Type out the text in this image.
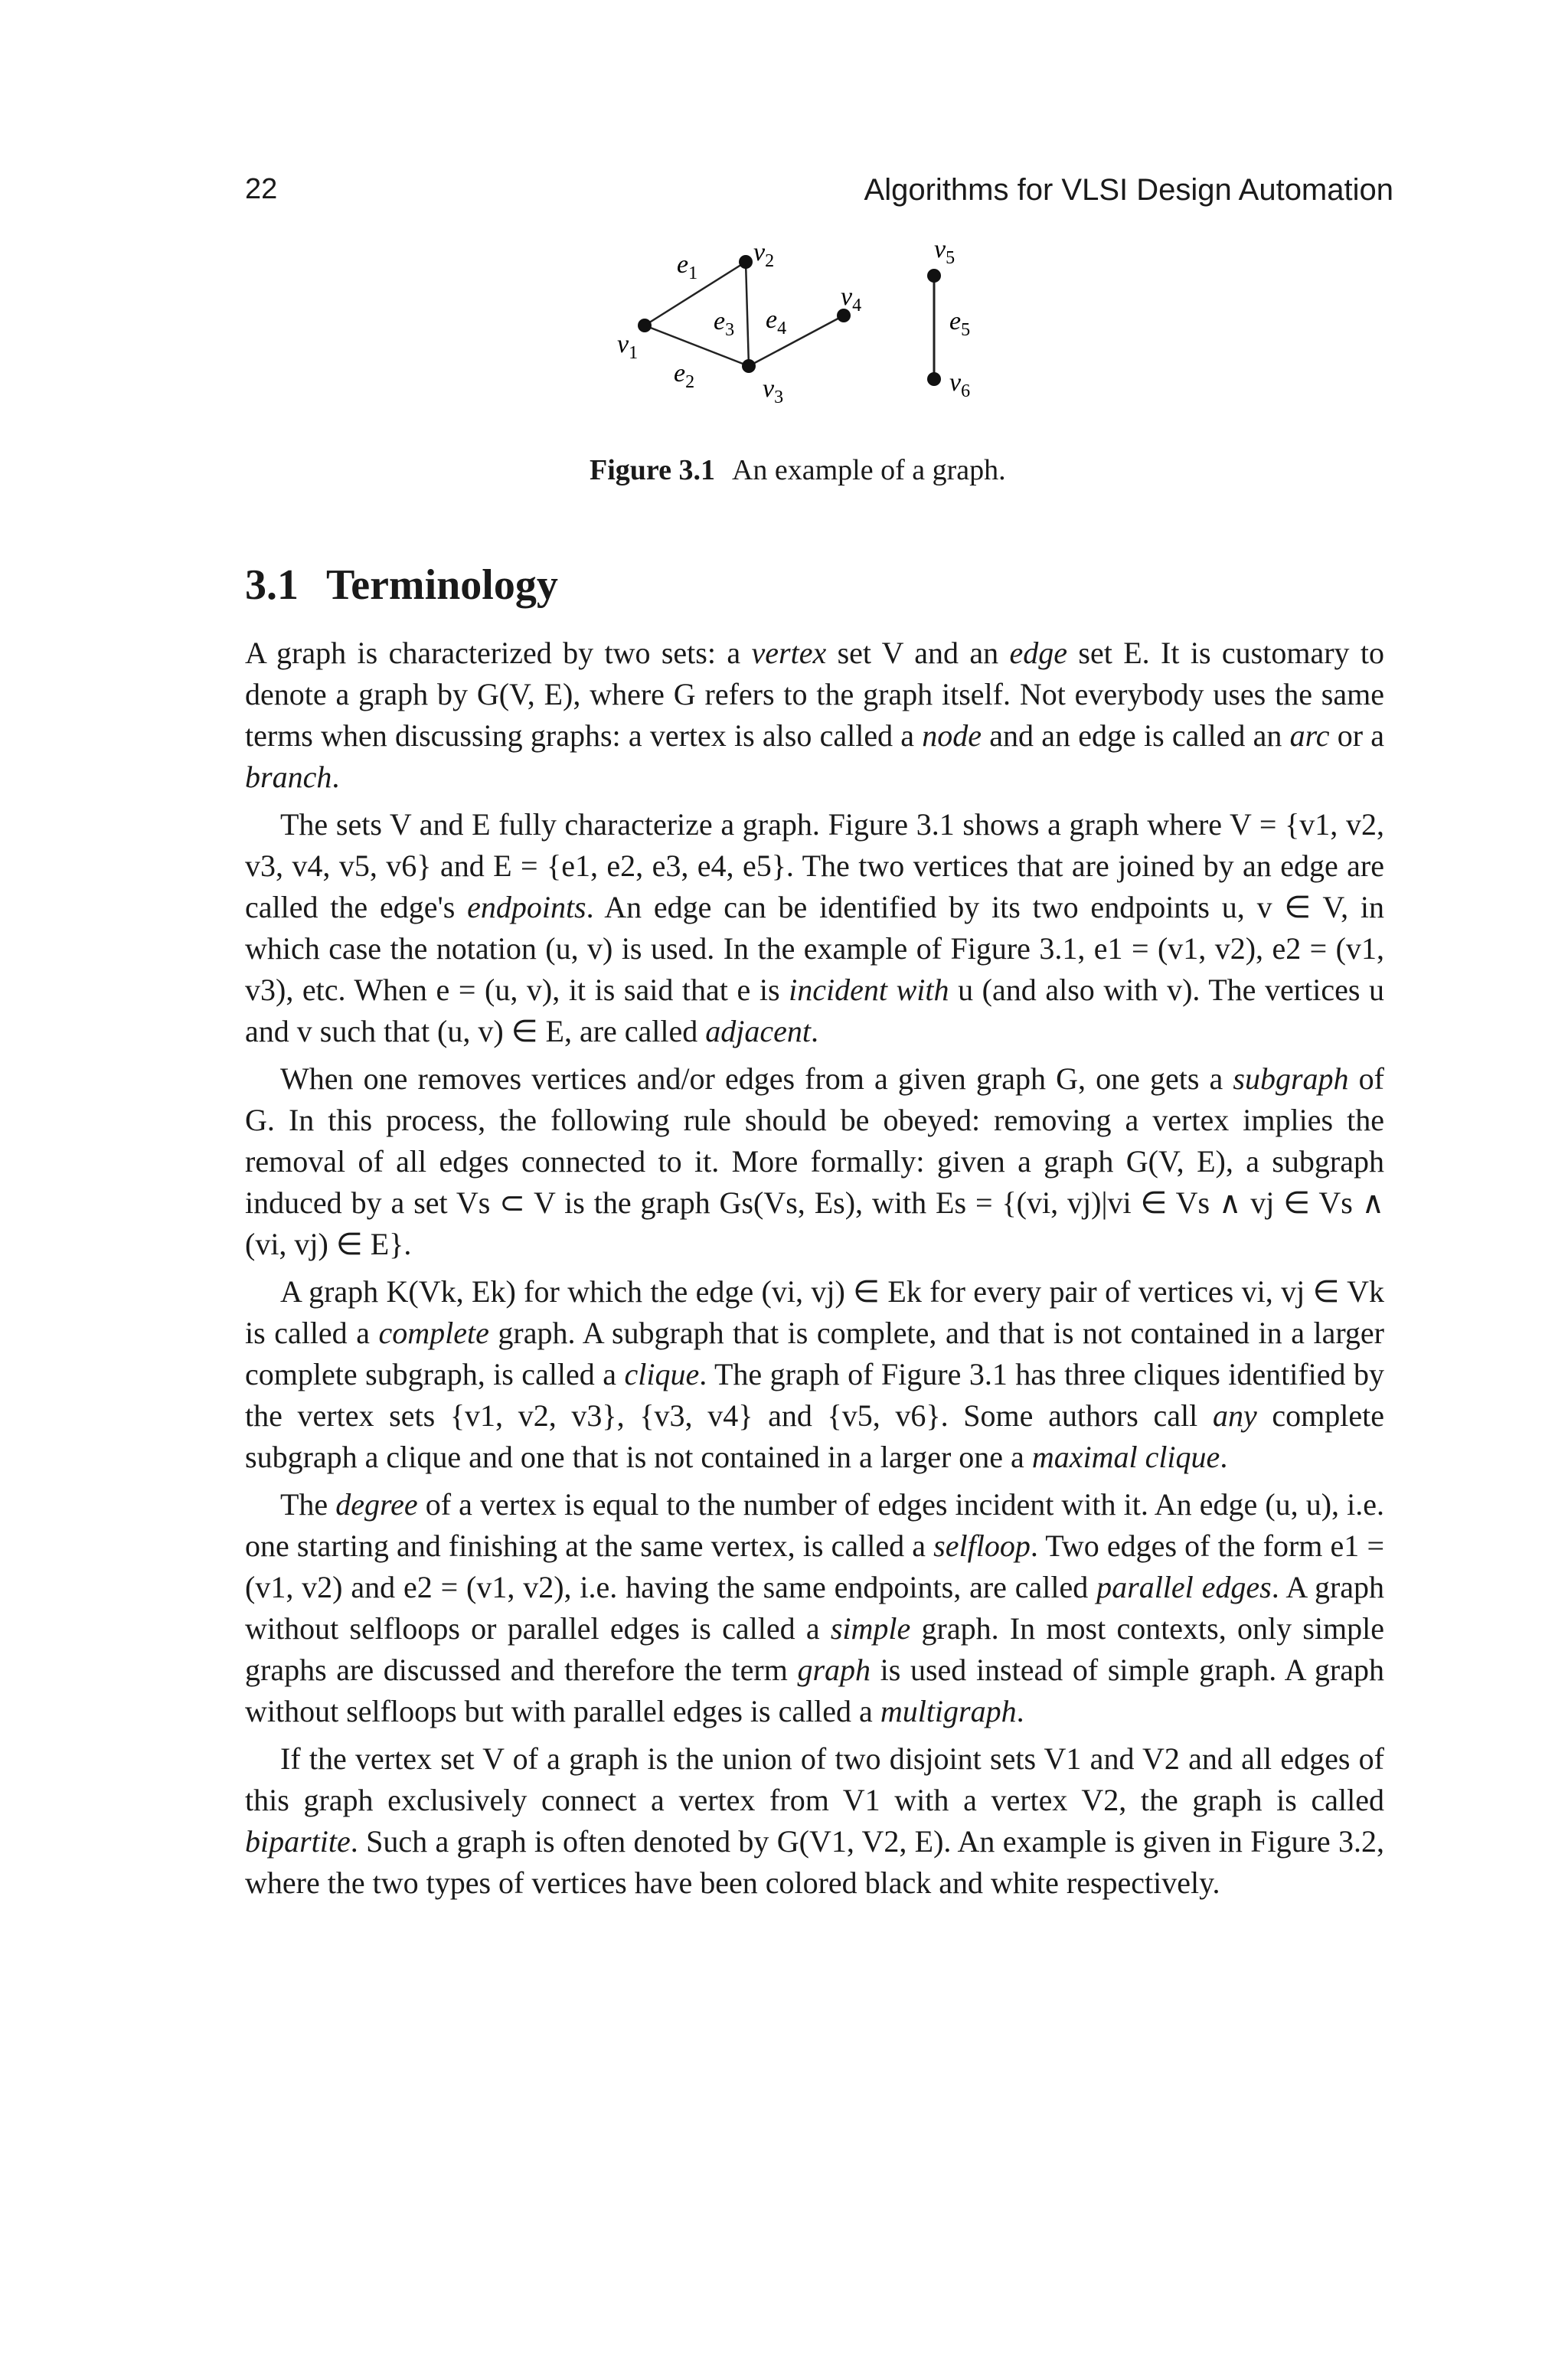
22	Algorithms for VLSI Design Automation
$v_1$
$v_2$
$v_3$
$v_4$
$v_5$
$v_6$
$e_1$
$e_2$
$e_3$ $e_4$	$e_5$
Figure 3.1 An example of a graph.
3.1 Terminology

A graph is characterized by two sets: a vertex set V and an edge set E. It is customary to denote a graph by G(V, E), where G refers to the graph itself. Not everybody uses the same terms when discussing graphs: a vertex is also called a node and an edge is called an arc or a branch.

The sets V and E fully characterize a graph. Figure 3.1 shows a graph where V = {v1, v2, v3, v4, v5, v6} and E = {e1, e2, e3, e4, e5}. The two vertices that are joined by an edge are called the edge's endpoints. An edge can be identified by its two endpoints u, v ∈ V, in which case the notation (u, v) is used. In the example of Figure 3.1, e1 = (v1, v2), e2 = (v1, v3), etc. When e = (u, v), it is said that e is incident with u (and also with v). The vertices u and v such that (u, v) ∈ E, are called adjacent.

When one removes vertices and/or edges from a given graph G, one gets a subgraph of G. In this process, the following rule should be obeyed: removing a vertex implies the removal of all edges connected to it. More formally: given a graph G(V, E), a subgraph induced by a set Vs ⊂ V is the graph Gs(Vs, Es), with Es = {(vi, vj)|vi ∈ Vs ∧ vj ∈ Vs ∧ (vi, vj) ∈ E}.

A graph K(Vk, Ek) for which the edge (vi, vj) ∈ Ek for every pair of vertices vi, vj ∈ Vk is called a complete graph. A subgraph that is complete, and that is not contained in a larger complete subgraph, is called a clique. The graph of Figure 3.1 has three cliques identified by the vertex sets {v1, v2, v3}, {v3, v4} and {v5, v6}. Some authors call any complete subgraph a clique and one that is not contained in a larger one a maximal clique.

The degree of a vertex is equal to the number of edges incident with it. An edge (u, u), i.e. one starting and finishing at the same vertex, is called a selfloop. Two edges of the form e1 = (v1, v2) and e2 = (v1, v2), i.e. having the same endpoints, are called parallel edges. A graph without selfloops or parallel edges is called a simple graph. In most contexts, only simple graphs are discussed and therefore the term graph is used instead of simple graph. A graph without selfloops but with parallel edges is called a multigraph.

If the vertex set V of a graph is the union of two disjoint sets V1 and V2 and all edges of this graph exclusively connect a vertex from V1 with a vertex V2, the graph is called bipartite. Such a graph is often denoted by G(V1, V2, E). An example is given in Figure 3.2, where the two types of vertices have been colored black and white respectively.
